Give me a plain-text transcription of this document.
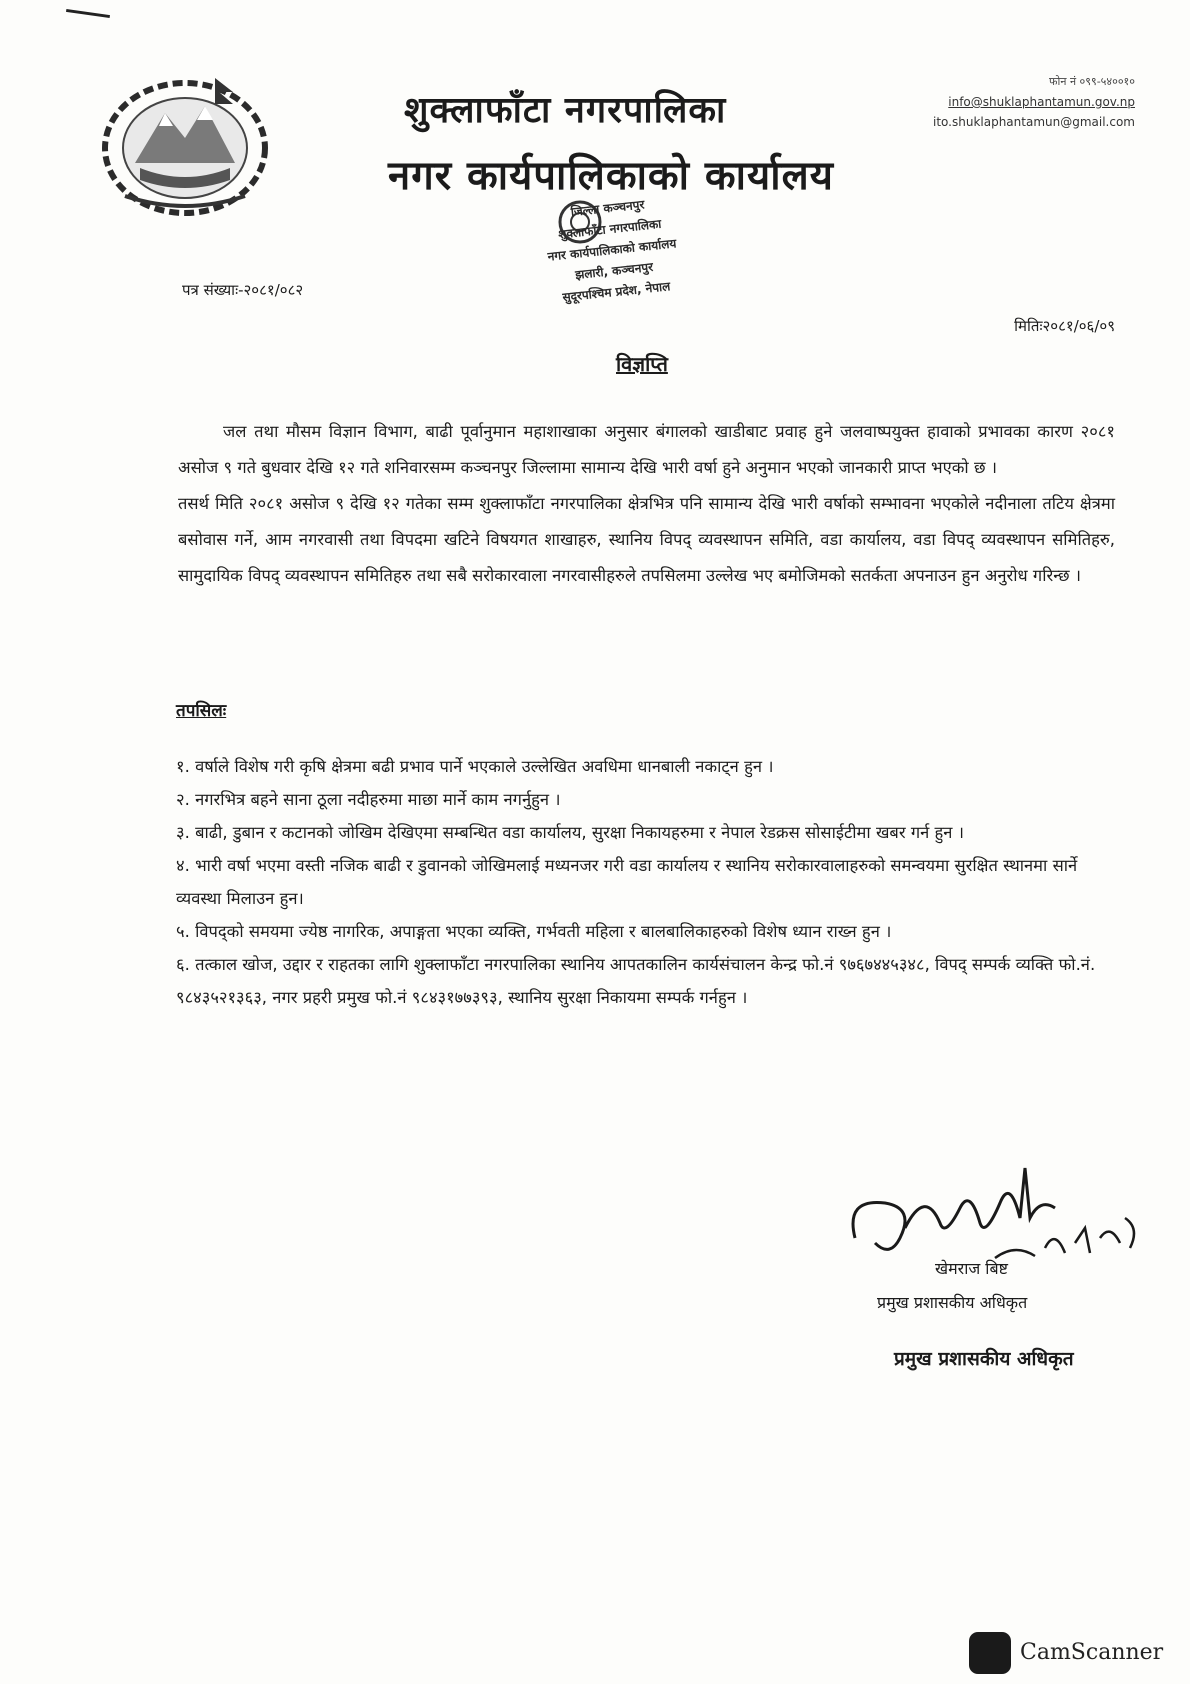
शुक्लाफाँटा नगरपालिका
नगर कार्यपालिकाको कार्यालय
फोन नं ०९९-५४००१०
info@shuklaphantamun.gov.np
ito.shuklaphantamun@gmail.com
जिल्ला कञ्चनपुर
शुक्लाफाँटा नगरपालिका
नगर कार्यपालिकाको कार्यालय
झलारी, कञ्चनपुर
सुदूरपश्चिम प्रदेश, नेपाल
पत्र संख्याः-२०८१/०८२
मितिः२०८१/०६/०९
विज्ञप्ति

जल तथा मौसम विज्ञान विभाग, बाढी पूर्वानुमान महाशाखाका अनुसार बंगालको खाडीबाट प्रवाह हुने जलवाष्पयुक्त हावाको प्रभावका कारण २०८१ असोज ९ गते बुधवार देखि १२ गते शनिवारसम्म कञ्चनपुर जिल्लामा सामान्य देखि भारी वर्षा हुने अनुमान भएको जानकारी प्राप्त भएको छ ।

तसर्थ मिति २०८१ असोज ९ देखि १२ गतेका सम्म शुक्लाफाँटा नगरपालिका क्षेत्रभित्र पनि सामान्य देखि भारी वर्षाको सम्भावना भएकोले नदीनाला तटिय क्षेत्रमा बसोवास गर्ने, आम नगरवासी तथा विपदमा खटिने विषयगत शाखाहरु, स्थानिय विपद् व्यवस्थापन समिति, वडा कार्यालय, वडा विपद् व्यवस्थापन समितिहरु, सामुदायिक विपद् व्यवस्थापन समितिहरु तथा सबै सरोकारवाला नगरवासीहरुले तपसिलमा उल्लेख भए बमोजिमको सतर्कता अपनाउन हुन अनुरोध गरिन्छ ।

तपसिलः
१. वर्षाले विशेष गरी कृषि क्षेत्रमा बढी प्रभाव पार्ने भएकाले उल्लेखित अवधिमा धानबाली नकाट्न हुन ।
२. नगरभित्र बहने साना ठूला नदीहरुमा माछा मार्ने काम नगर्नुहुन ।
३. बाढी, डुबान र कटानको जोखिम देखिएमा सम्बन्धित वडा कार्यालय, सुरक्षा निकायहरुमा र नेपाल रेडक्रस सोसाईटीमा खबर गर्न हुन ।
४. भारी वर्षा भएमा वस्ती नजिक बाढी र डुवानको जोखिमलाई मध्यनजर गरी वडा कार्यालय र स्थानिय सरोकारवालाहरुको समन्वयमा सुरक्षित स्थानमा सार्ने व्यवस्था मिलाउन हुन।
५. विपद्को समयमा ज्येष्ठ नागरिक, अपाङ्गता भएका व्यक्ति, गर्भवती महिला र बालबालिकाहरुको विशेष ध्यान राख्न हुन ।
६. तत्काल खोज, उद्दार र राहतका लागि शुक्लाफाँटा नगरपालिका स्थानिय आपतकालिन कार्यसंचालन केन्द्र फो.नं ९७६७४४५३४८, विपद् सम्पर्क व्यक्ति फो.नं. ९८४३५२१३६३, नगर प्रहरी प्रमुख फो.नं ९८४३१७७३९३, स्थानिय सुरक्षा निकायमा सम्पर्क गर्नहुन ।
खेमराज बिष्ट
प्रमुख प्रशासकीय अधिकृत
प्रमुख प्रशासकीय अधिकृत
CamScanner
